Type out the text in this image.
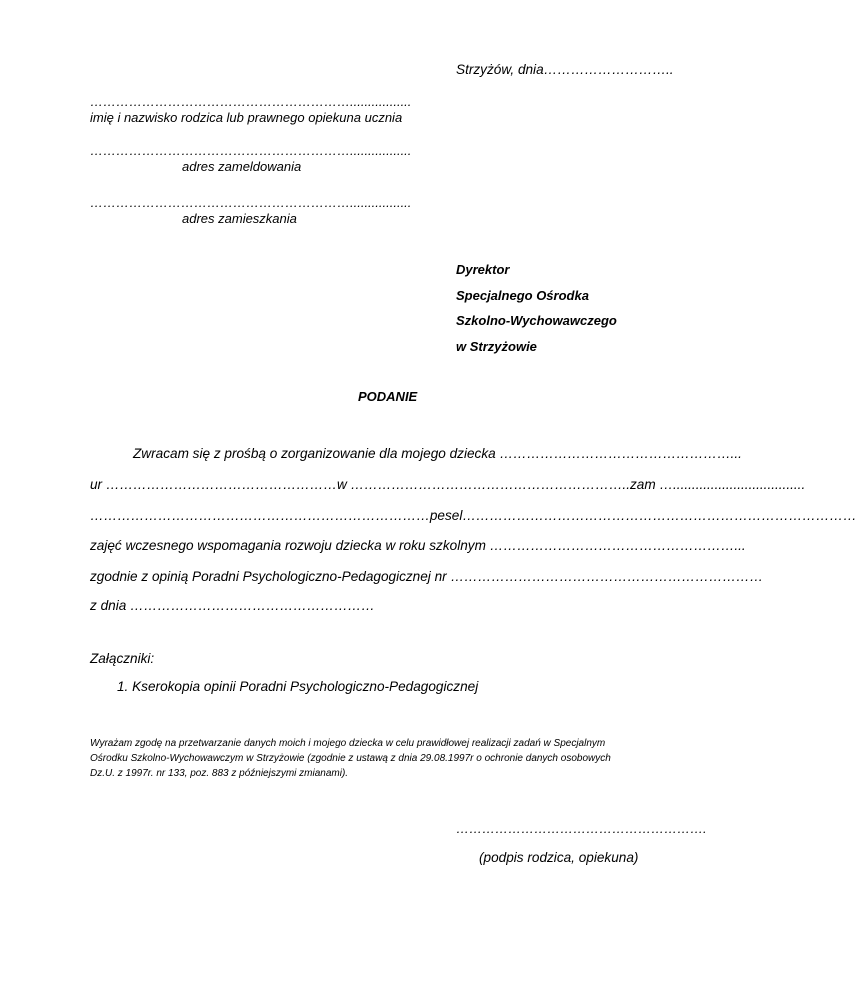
Strzyżów, dnia………………………..
…………………………………………………….................
imię i nazwisko rodzica lub prawnego opiekuna ucznia
…………………………………………………….................
adres zameldowania
…………………………………………………….................
adres zamieszkania
Dyrektor
Specjalnego Ośrodka
Szkolno-Wychowawczego
w Strzyżowie
PODANIE
Zwracam się z prośbą o zorganizowanie dla mojego dziecka ……………………………………………...
ur ……………………………………………w ……………………………………………………..zam …...................................
…………………………………………………………………pesel……………………………………………………………………………
zajęć wczesnego wspomagania rozwoju dziecka w roku szkolnym ………………………………………………...
zgodnie z opinią Poradni Psychologiczno-Pedagogicznej nr ……………………………………………………………
z dnia ………………………………………………
Załączniki:
1. Kserokopia opinii Poradni Psychologiczno-Pedagogicznej
Wyrażam zgodę na przetwarzanie danych moich i mojego dziecka w celu prawidłowej realizacji zadań w Specjalnym
Ośrodku Szkolno-Wychowawczym w Strzyżowie (zgodnie z ustawą z dnia 29.08.1997r o ochronie danych osobowych
Dz.U. z 1997r. nr 133, poz. 883 z późniejszymi zmianami).
………………………………………………….
(podpis rodzica, opiekuna)
